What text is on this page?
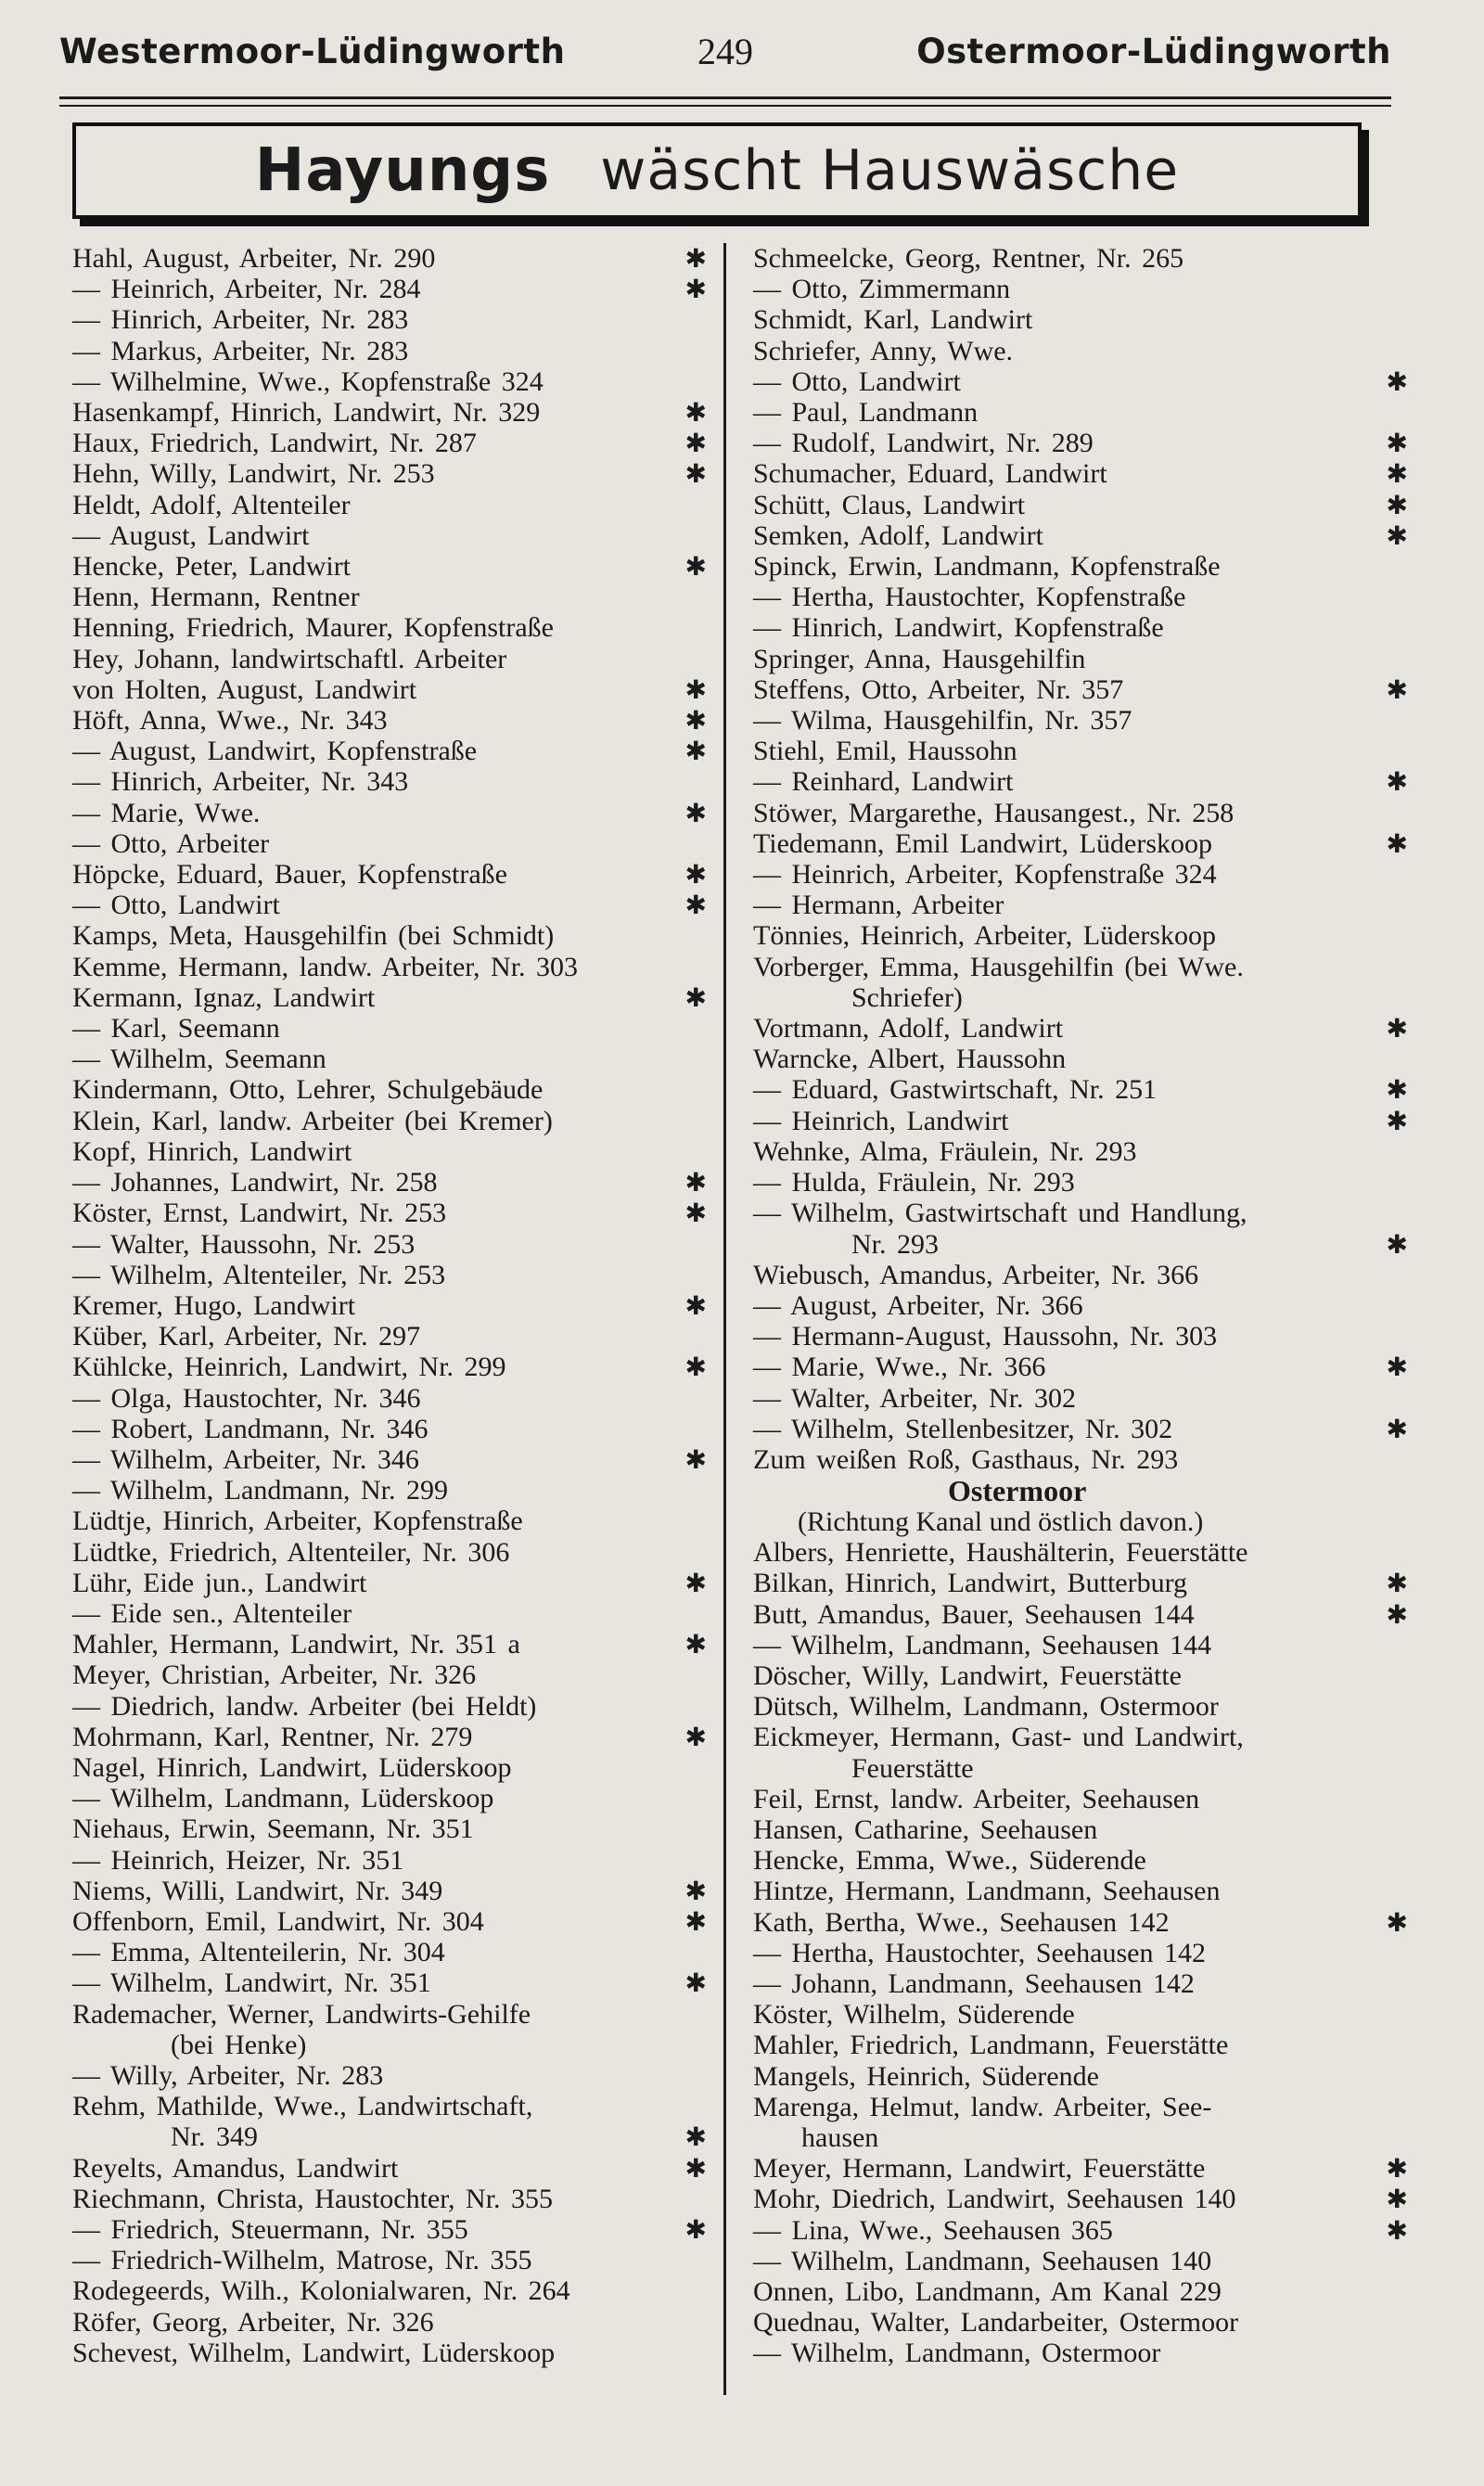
Westermoor-Lüdingworth	249	Ostermoor-Lüdingworth
Hayungs wäscht Hauswäsche
Hahl, August, Arbeiter, Nr. 290	✱
— Heinrich, Arbeiter, Nr. 284	✱
— Hinrich, Arbeiter, Nr. 283
— Markus, Arbeiter, Nr. 283
— Wilhelmine, Wwe., Kopfenstraße 324
Hasenkampf, Hinrich, Landwirt, Nr. 329	✱
Haux, Friedrich, Landwirt, Nr. 287	✱
Hehn, Willy, Landwirt, Nr. 253	✱
Heldt, Adolf, Altenteiler
— August, Landwirt
Hencke, Peter, Landwirt	✱
Henn, Hermann, Rentner
Henning, Friedrich, Maurer, Kopfenstraße
Hey, Johann, landwirtschaftl. Arbeiter
von Holten, August, Landwirt	✱
Höft, Anna, Wwe., Nr. 343	✱
— August, Landwirt, Kopfenstraße	✱
— Hinrich, Arbeiter, Nr. 343
— Marie, Wwe.	✱
— Otto, Arbeiter
Höpcke, Eduard, Bauer, Kopfenstraße	✱
— Otto, Landwirt	✱
Kamps, Meta, Hausgehilfin (bei Schmidt)
Kemme, Hermann, landw. Arbeiter, Nr. 303
Kermann, Ignaz, Landwirt	✱
— Karl, Seemann
— Wilhelm, Seemann
Kindermann, Otto, Lehrer, Schulgebäude
Klein, Karl, landw. Arbeiter (bei Kremer)
Kopf, Hinrich, Landwirt
— Johannes, Landwirt, Nr. 258	✱
Köster, Ernst, Landwirt, Nr. 253	✱
— Walter, Haussohn, Nr. 253
— Wilhelm, Altenteiler, Nr. 253
Kremer, Hugo, Landwirt	✱
Küber, Karl, Arbeiter, Nr. 297
Kühlcke, Heinrich, Landwirt, Nr. 299	✱
— Olga, Haustochter, Nr. 346
— Robert, Landmann, Nr. 346
— Wilhelm, Arbeiter, Nr. 346	✱
— Wilhelm, Landmann, Nr. 299
Lüdtje, Hinrich, Arbeiter, Kopfenstraße
Lüdtke, Friedrich, Altenteiler, Nr. 306
Lühr, Eide jun., Landwirt	✱
— Eide sen., Altenteiler
Mahler, Hermann, Landwirt, Nr. 351 a	✱
Meyer, Christian, Arbeiter, Nr. 326
— Diedrich, landw. Arbeiter (bei Heldt)
Mohrmann, Karl, Rentner, Nr. 279	✱
Nagel, Hinrich, Landwirt, Lüderskoop
— Wilhelm, Landmann, Lüderskoop
Niehaus, Erwin, Seemann, Nr. 351
— Heinrich, Heizer, Nr. 351
Niems, Willi, Landwirt, Nr. 349	✱
Offenborn, Emil, Landwirt, Nr. 304	✱
— Emma, Altenteilerin, Nr. 304
— Wilhelm, Landwirt, Nr. 351	✱
Rademacher, Werner, Landwirts-Gehilfe
(bei Henke)
— Willy, Arbeiter, Nr. 283
Rehm, Mathilde, Wwe., Landwirtschaft,
Nr. 349	✱
Reyelts, Amandus, Landwirt	✱
Riechmann, Christa, Haustochter, Nr. 355
— Friedrich, Steuermann, Nr. 355	✱
— Friedrich-Wilhelm, Matrose, Nr. 355
Rodegeerds, Wilh., Kolonialwaren, Nr. 264
Röfer, Georg, Arbeiter, Nr. 326
Schevest, Wilhelm, Landwirt, Lüderskoop
Schmeelcke, Georg, Rentner, Nr. 265
— Otto, Zimmermann
Schmidt, Karl, Landwirt
Schriefer, Anny, Wwe.
— Otto, Landwirt	✱
— Paul, Landmann
— Rudolf, Landwirt, Nr. 289	✱
Schumacher, Eduard, Landwirt	✱
Schütt, Claus, Landwirt	✱
Semken, Adolf, Landwirt	✱
Spinck, Erwin, Landmann, Kopfenstraße
— Hertha, Haustochter, Kopfenstraße
— Hinrich, Landwirt, Kopfenstraße
Springer, Anna, Hausgehilfin
Steffens, Otto, Arbeiter, Nr. 357	✱
— Wilma, Hausgehilfin, Nr. 357
Stiehl, Emil, Haussohn
— Reinhard, Landwirt	✱
Stöwer, Margarethe, Hausangest., Nr. 258
Tiedemann, Emil Landwirt, Lüderskoop	✱
— Heinrich, Arbeiter, Kopfenstraße 324
— Hermann, Arbeiter
Tönnies, Heinrich, Arbeiter, Lüderskoop
Vorberger, Emma, Hausgehilfin (bei Wwe.
Schriefer)
Vortmann, Adolf, Landwirt	✱
Warncke, Albert, Haussohn
— Eduard, Gastwirtschaft, Nr. 251	✱
— Heinrich, Landwirt	✱
Wehnke, Alma, Fräulein, Nr. 293
— Hulda, Fräulein, Nr. 293
— Wilhelm, Gastwirtschaft und Handlung,
Nr. 293	✱
Wiebusch, Amandus, Arbeiter, Nr. 366
— August, Arbeiter, Nr. 366
— Hermann-August, Haussohn, Nr. 303
— Marie, Wwe., Nr. 366	✱
— Walter, Arbeiter, Nr. 302
— Wilhelm, Stellenbesitzer, Nr. 302	✱
Zum weißen Roß, Gasthaus, Nr. 293
Ostermoor
(Richtung Kanal und östlich davon.)
Albers, Henriette, Haushälterin, Feuerstätte
Bilkan, Hinrich, Landwirt, Butterburg	✱
Butt, Amandus, Bauer, Seehausen 144	✱
— Wilhelm, Landmann, Seehausen 144
Döscher, Willy, Landwirt, Feuerstätte
Dütsch, Wilhelm, Landmann, Ostermoor
Eickmeyer, Hermann, Gast- und Landwirt,
Feuerstätte
Feil, Ernst, landw. Arbeiter, Seehausen
Hansen, Catharine, Seehausen
Hencke, Emma, Wwe., Süderende
Hintze, Hermann, Landmann, Seehausen
Kath, Bertha, Wwe., Seehausen 142	✱
— Hertha, Haustochter, Seehausen 142
— Johann, Landmann, Seehausen 142
Köster, Wilhelm, Süderende
Mahler, Friedrich, Landmann, Feuerstätte
Mangels, Heinrich, Süderende
Marenga, Helmut, landw. Arbeiter, See-
hausen
Meyer, Hermann, Landwirt, Feuerstätte	✱
Mohr, Diedrich, Landwirt, Seehausen 140	✱
— Lina, Wwe., Seehausen 365	✱
— Wilhelm, Landmann, Seehausen 140
Onnen, Libo, Landmann, Am Kanal 229
Quednau, Walter, Landarbeiter, Ostermoor
— Wilhelm, Landmann, Ostermoor
